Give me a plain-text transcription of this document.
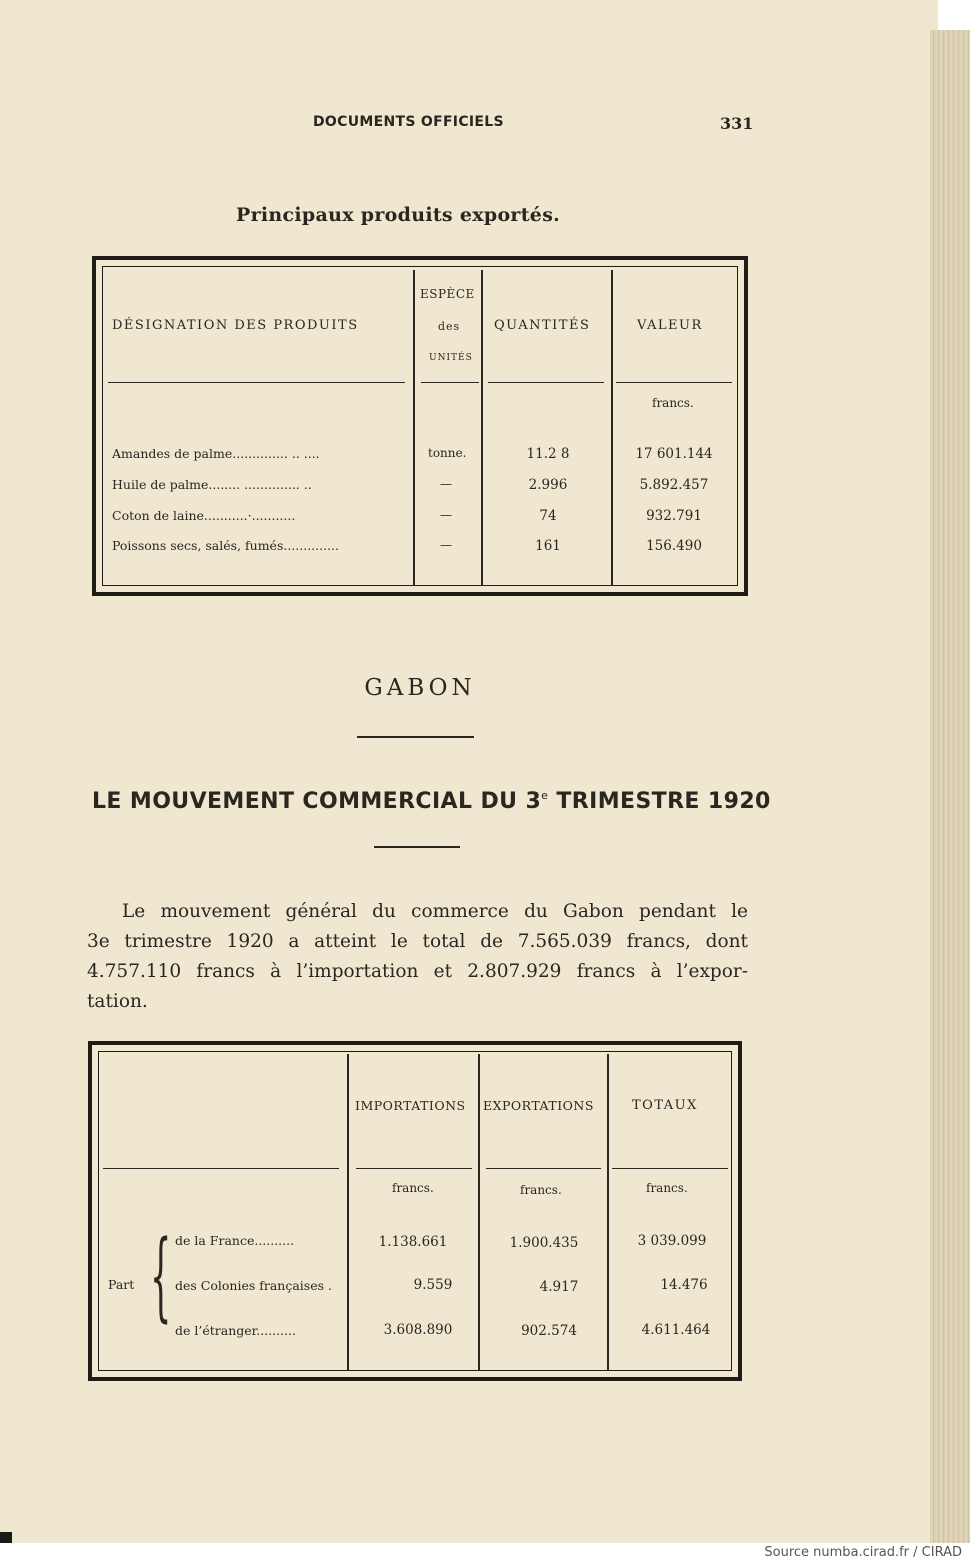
Source numba.cirad.fr / CIRAD
DOCUMENTS OFFICIELS	331
Principaux produits exportés.
DÉSIGNATION DES PRODUITS
ESPÈCE
des
UNITÉS
QUANTITÉS	VALEUR
francs.
Amandes de palme.............. .. ....	tonne.	11.2 8	17 601.144
Huile de palme........ .............. ..	—	2.996	5.892.457
Coton de laine...........·...........	—	74	932.791
Poissons secs, salés, fumés..............	—	161	156.490
GABON
LE MOUVEMENT COMMERCIAL DU 3e TRIMESTRE 1920
Le mouvement général du commerce du Gabon pendant le
3e trimestre 1920 a atteint le total de 7.565.039 francs, dont
4.757.110 francs à l’importation et 2.807.929 francs à l’expor-
tation.
IMPORTATIONS EXPORTATIONS	TOTAUX
francs.	francs.	francs.
Part { de la France..........	1.138.661	1.900.435	3 039.099
des Colonies françaises .	9.559	4.917	14.476
de l’étranger..........	3.608.890	902.574	4.611.464
